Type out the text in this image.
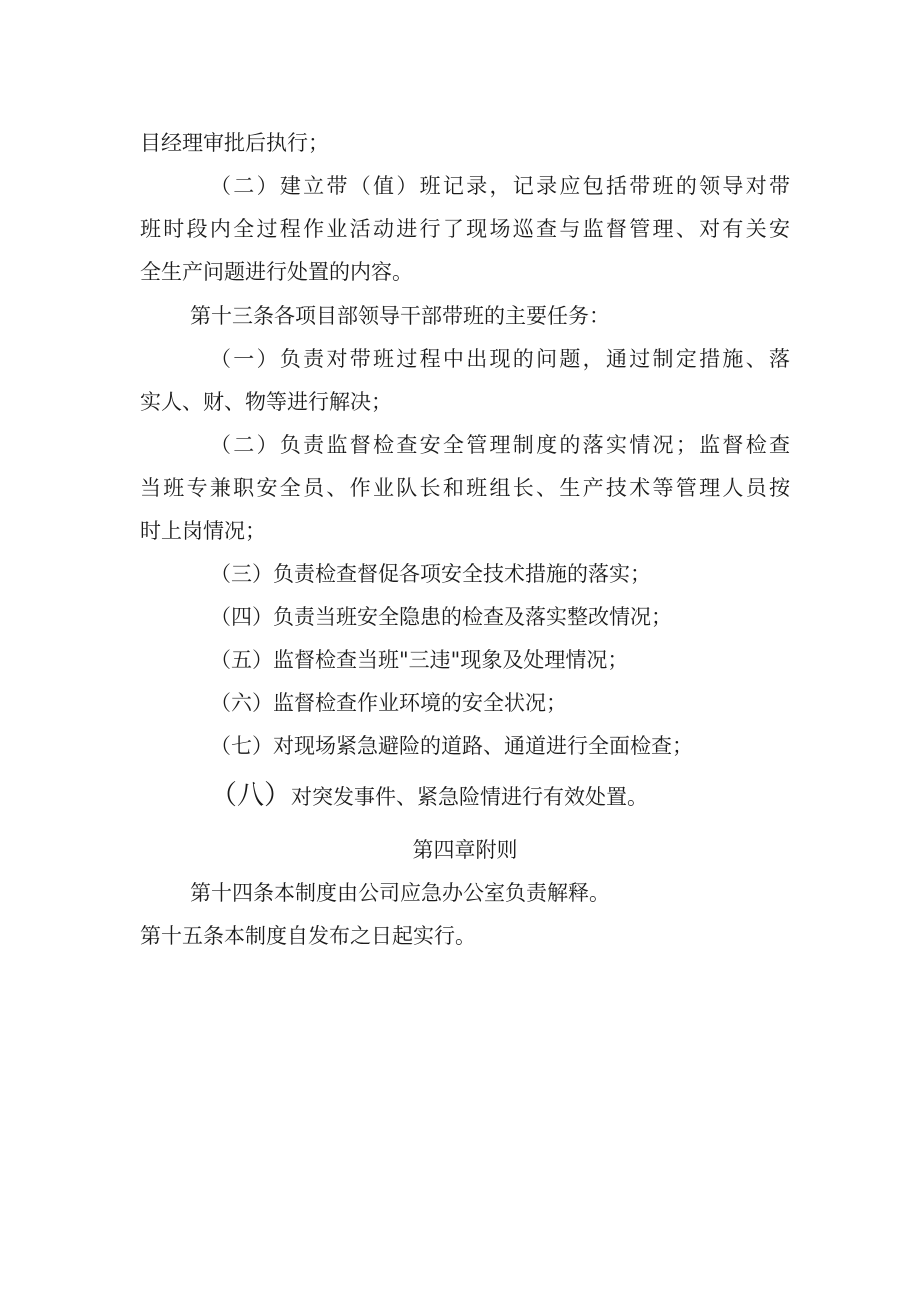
目经理审批后执行；
（二）建立带（值）班记录，记录应包括带班的领导对带
班时段内全过程作业活动进行了现场巡查与监督管理、对有关安
全生产问题进行处置的内容。
第十三条各项目部领导干部带班的主要任务：
（一）负责对带班过程中出现的问题，通过制定措施、落
实人、财、物等进行解决；
（二）负责监督检查安全管理制度的落实情况；监督检查
当班专兼职安全员、作业队长和班组长、生产技术等管理人员按
时上岗情况；
（三）负责检查督促各项安全技术措施的落实；
（四）负责当班安全隐患的检查及落实整改情况；
（五）监督检查当班"三违"现象及处理情况；
（六）监督检查作业环境的安全状况；
（七）对现场紧急避险的道路、通道进行全面检查；
（八）对突发事件、紧急险情进行有效处置。
第四章附则
第十四条本制度由公司应急办公室负责解释。
第十五条本制度自发布之日起实行。
